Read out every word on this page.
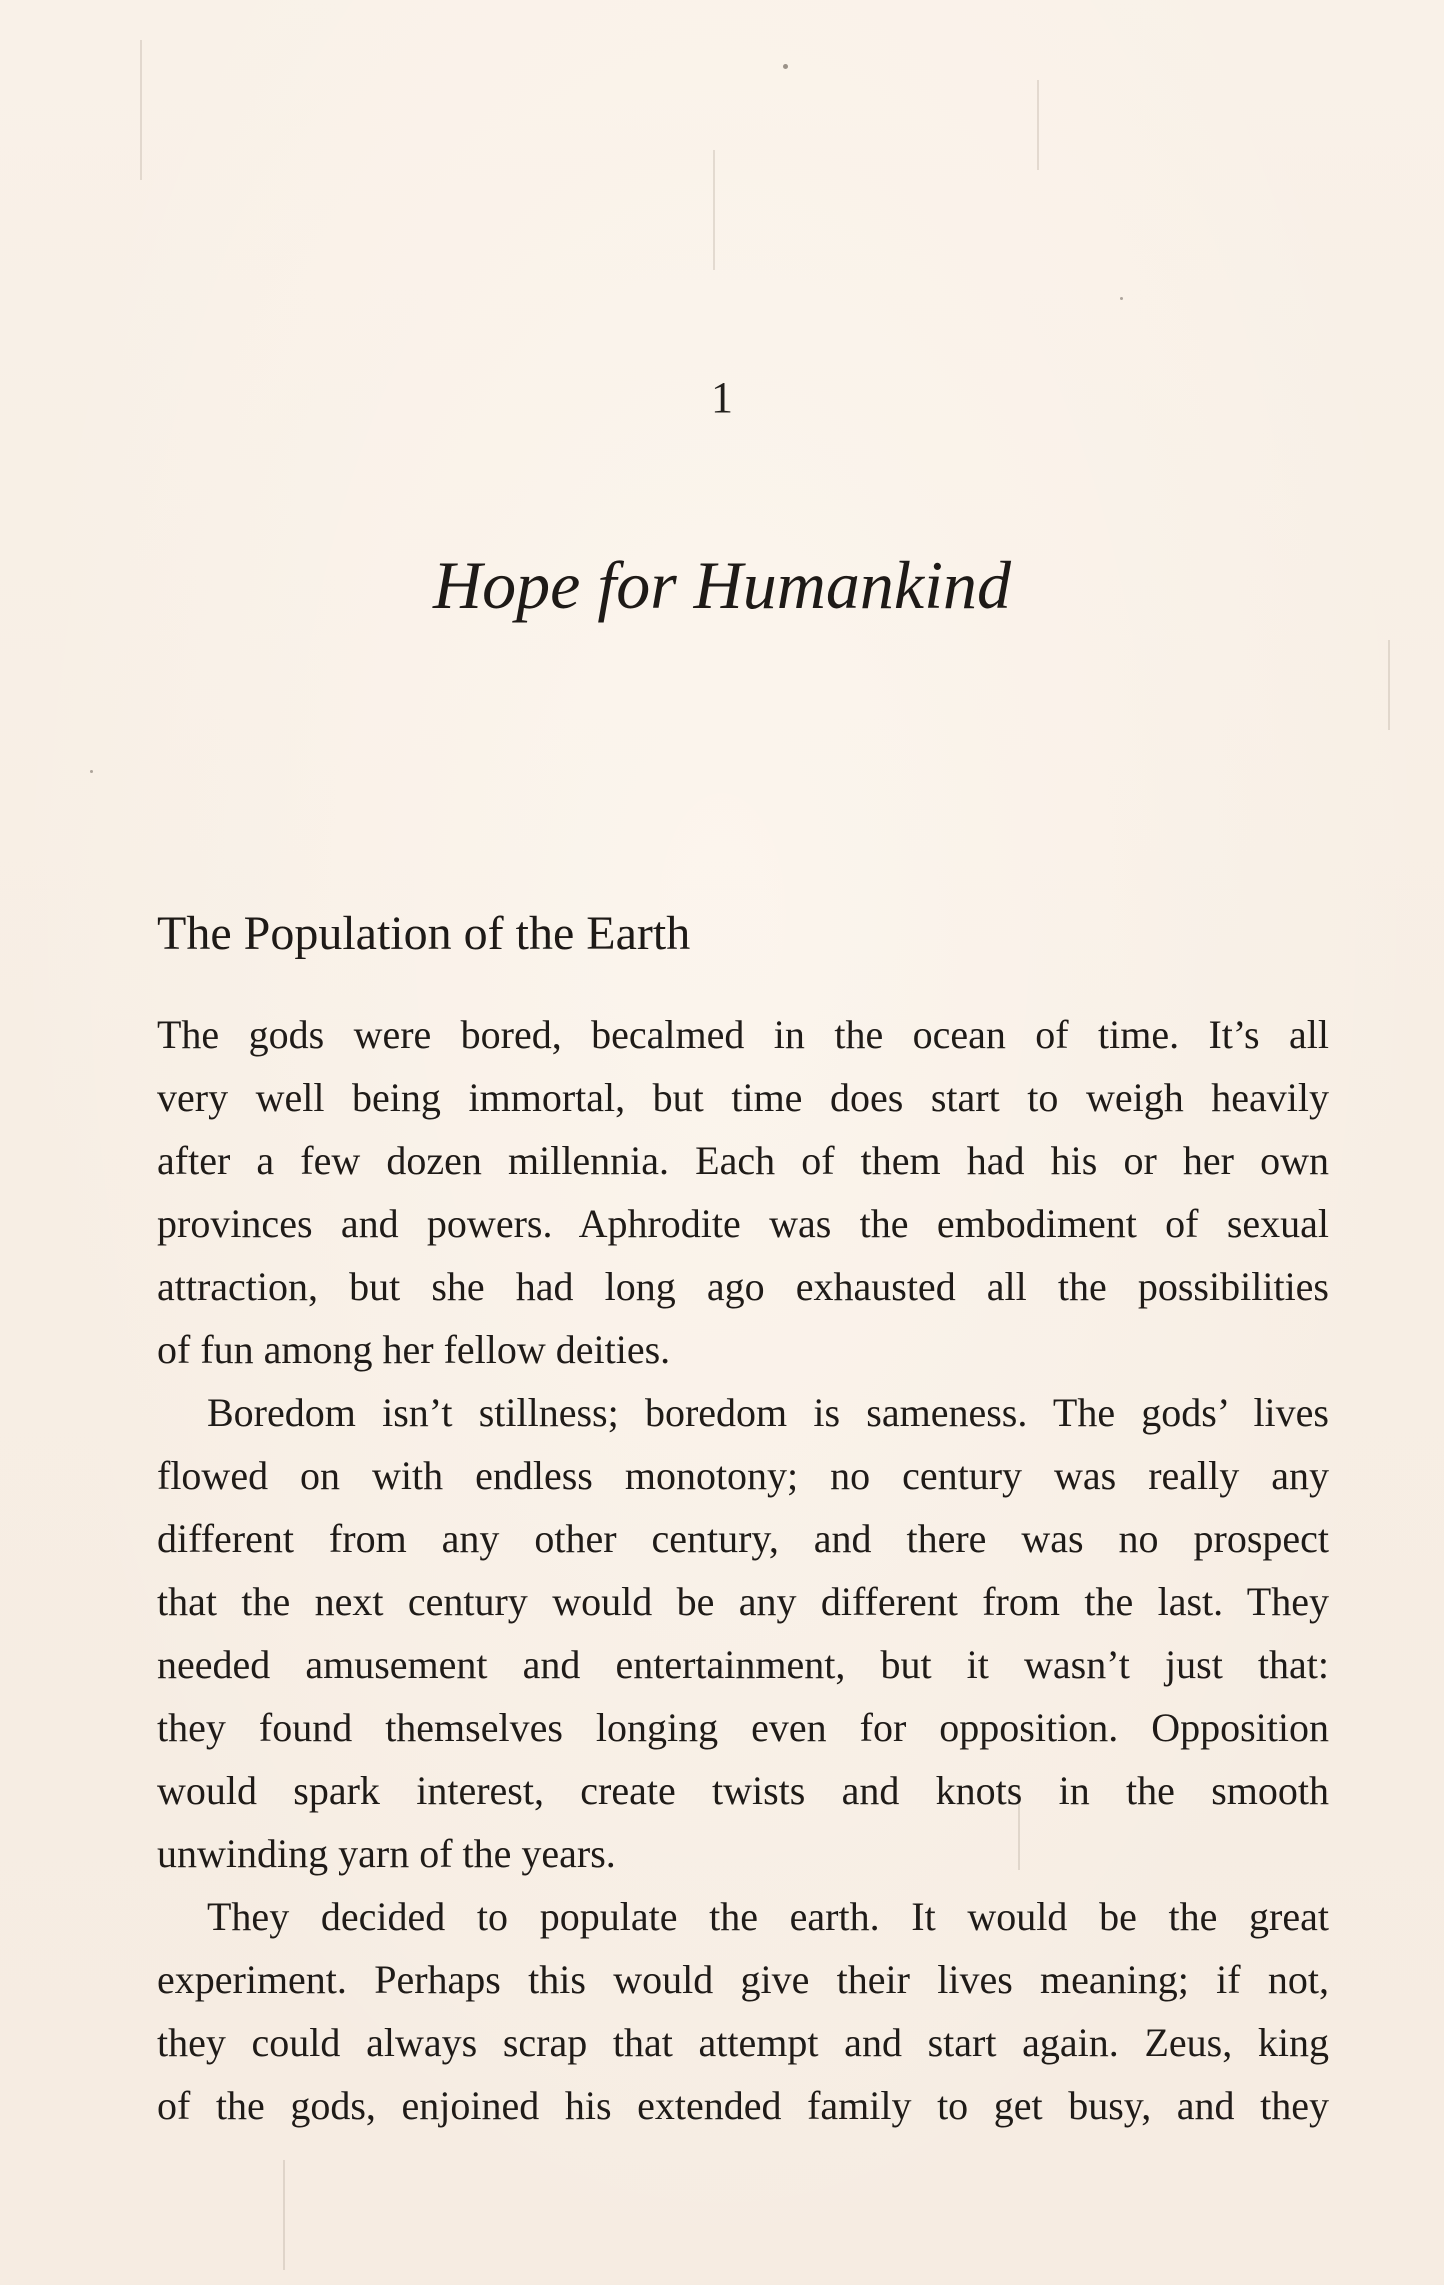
1
Hope for Humankind
The Population of the Earth
The gods were bored, becalmed in the ocean of time. It’s all
very well being immortal, but time does start to weigh heavily
after a few dozen millennia. Each of them had his or her own
provinces and powers. Aphrodite was the embodiment of sexual
attraction, but she had long ago exhausted all the possibilities
of fun among her fellow deities.
Boredom isn’t stillness; boredom is sameness. The gods’ lives
flowed on with endless monotony; no century was really any
different from any other century, and there was no prospect
that the next century would be any different from the last. They
needed amusement and entertainment, but it wasn’t just that:
they found themselves longing even for opposition. Opposition
would spark interest, create twists and knots in the smooth
unwinding yarn of the years.
They decided to populate the earth. It would be the great
experiment. Perhaps this would give their lives meaning; if not,
they could always scrap that attempt and start again. Zeus, king
of the gods, enjoined his extended family to get busy, and they
